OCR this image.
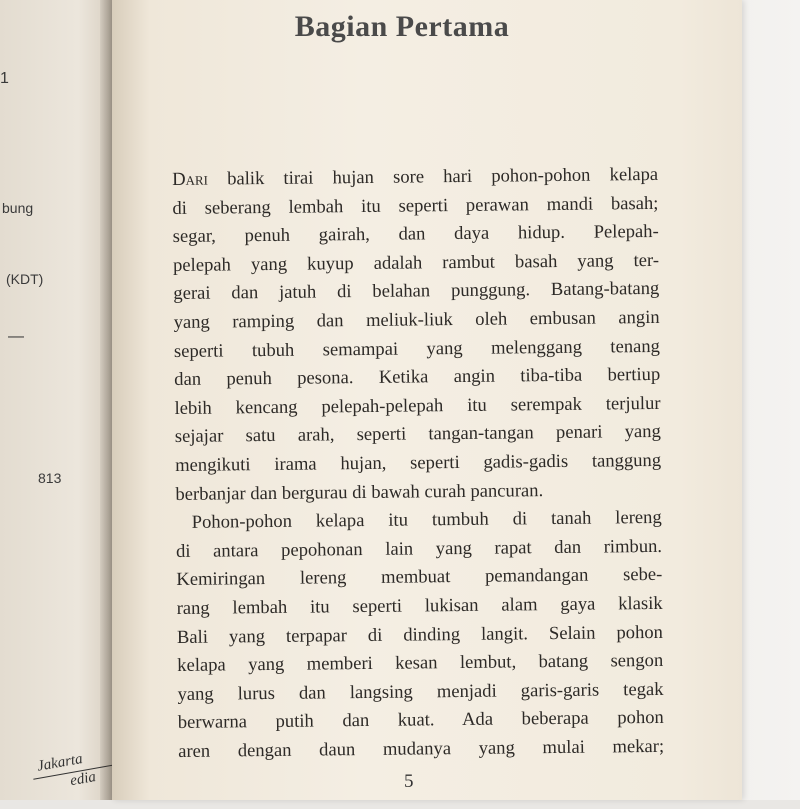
1
bung
(KDT)
—
813
Jakarta
edia
Bagian Pertama
Dari balik tirai hujan sore hari pohon-pohon kelapa
di seberang lembah itu seperti perawan mandi basah;
segar, penuh gairah, dan daya hidup. Pelepah-
pelepah yang kuyup adalah rambut basah yang ter-
gerai dan jatuh di belahan punggung. Batang-batang
yang ramping dan meliuk-liuk oleh embusan angin
seperti tubuh semampai yang melenggang tenang
dan penuh pesona. Ketika angin tiba-tiba bertiup
lebih kencang pelepah-pelepah itu serempak terjulur
sejajar satu arah, seperti tangan-tangan penari yang
mengikuti irama hujan, seperti gadis-gadis tanggung
berbanjar dan bergurau di bawah curah pancuran.
Pohon-pohon kelapa itu tumbuh di tanah lereng
di antara pepohonan lain yang rapat dan rimbun.
Kemiringan lereng membuat pemandangan sebe-
rang lembah itu seperti lukisan alam gaya klasik
Bali yang terpapar di dinding langit. Selain pohon
kelapa yang memberi kesan lembut, batang sengon
yang lurus dan langsing menjadi garis-garis tegak
berwarna putih dan kuat. Ada beberapa pohon
aren dengan daun mudanya yang mulai mekar;
5
